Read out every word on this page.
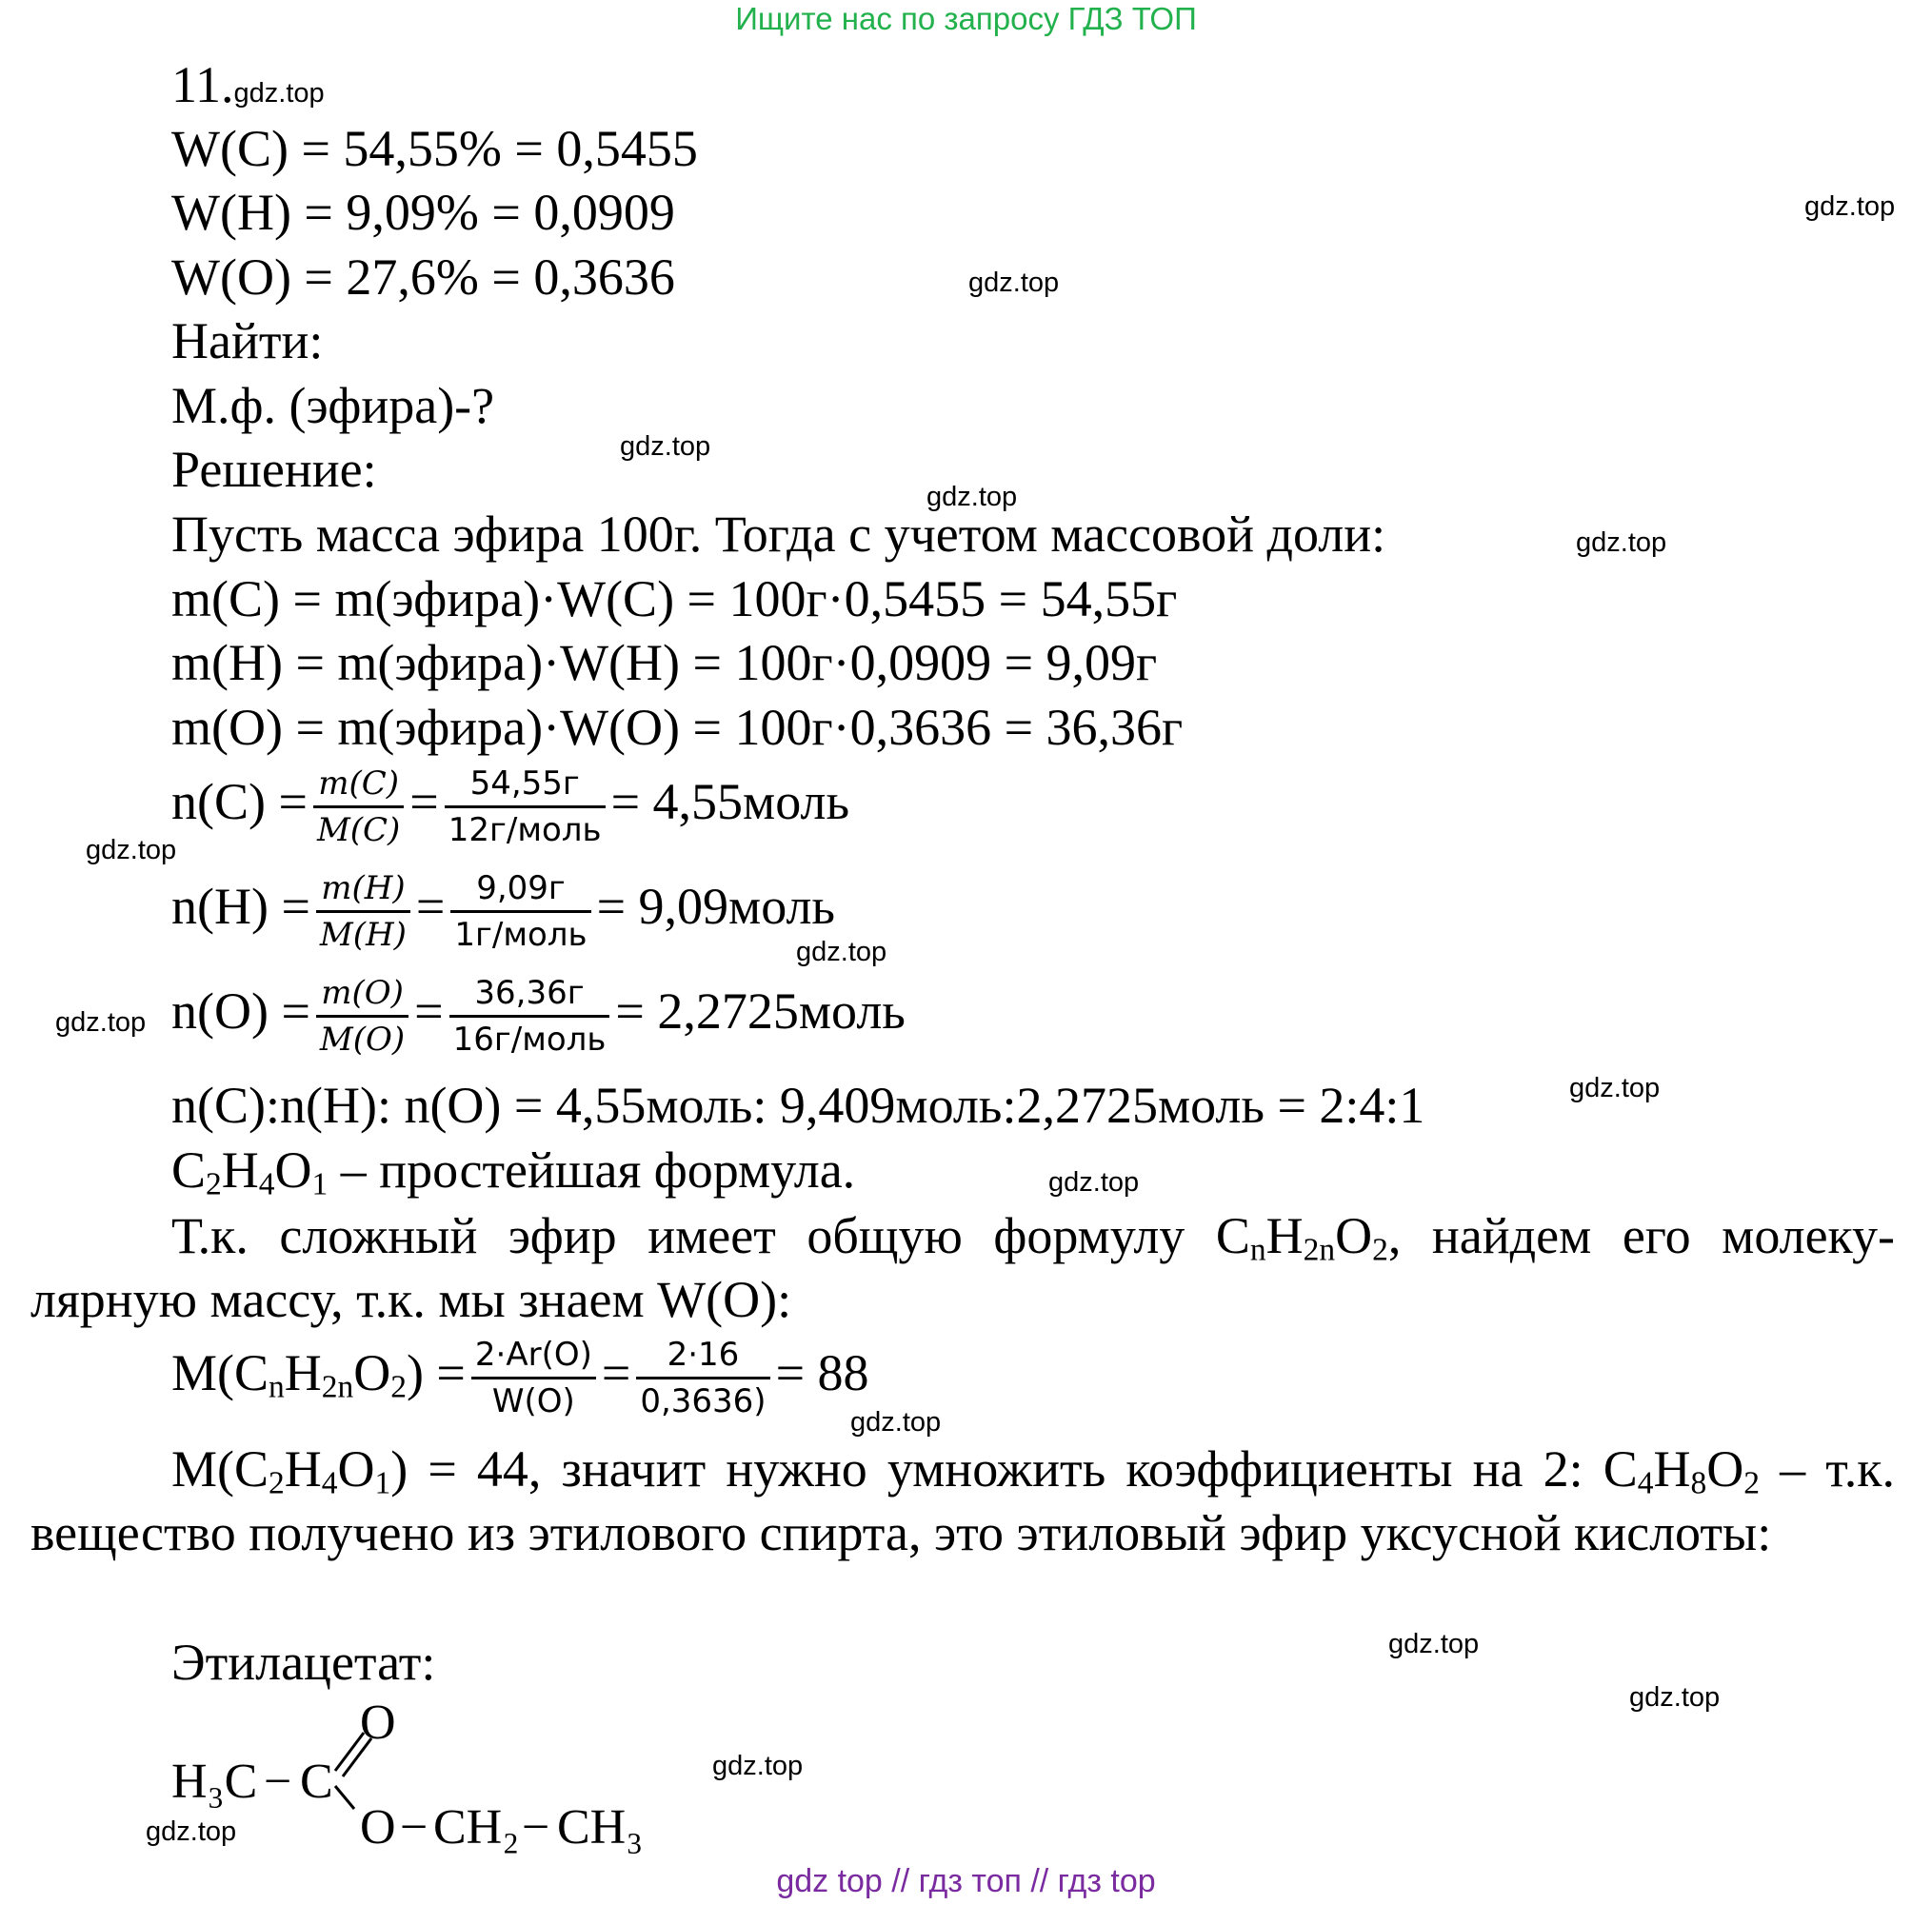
Ищите нас по запросу ГДЗ ТОП
11.gdz.top
W(C) = 54,55% = 0,5455
W(H) = 9,09% = 0,0909
W(O) = 27,6% = 0,3636
Найти:
М.ф. (эфира)-?
Решение:
Пусть масса эфира 100г. Тогда с учетом массовой доли:
m(C) = m(эфира)·W(C) = 100г·0,5455 = 54,55г
m(H) = m(эфира)·W(H) = 100г·0,0909 = 9,09г
m(O) = m(эфира)·W(O) = 100г·0,3636 = 36,36г
$n(C) = \frac{m(C)}{M(C)} = \frac{54,55г}{\text{12г/моль}}$ = 4,55моль
$n(H) = \frac{m(H)}{M(H)} = \frac{9,09г}{\text{1г/моль}}$ = 9,09моль
$n(O) = \frac{m(O)}{M(O)} = \frac{36,36г}{\text{16г/моль}}$ = 2,2725моль
n(C):n(H): n(O) = 4,55моль: 9,409моль:2,2725моль = 2:4:1
$C_2H_4O_1$ – простейшая формула.
Т.к. сложный эфир имеет общую формулу $C_nH_{2n}O_2$, найдем его молеку-лярную массу, т.к. мы знаем W(O):
$M(C_nH_{2n}O_2) = \frac{2\cdot Ar(O)}{W(O)} = \frac{2\cdot 16}{0,3636)} = 88$
$M(C_2H_4O_1) = 44$, значит нужно умножить коэффициенты на 2: $C_4H_8O_2 - т.к$. вещество получено из этилового спирта, это этиловый эфир уксусной кислоты:
Этилацетат:
H₃C − C
O
O − CH₂ − CH₃
gdz.top
gdz.top
gdz.top
gdz.top
gdz.top
gdz.top
gdz.top
gdz.top
gdz.top
gdz.top
gdz.top
gdz.top
gdz.top
gdz.top
gdz.top
gdz top // гдз топ // гдз top
